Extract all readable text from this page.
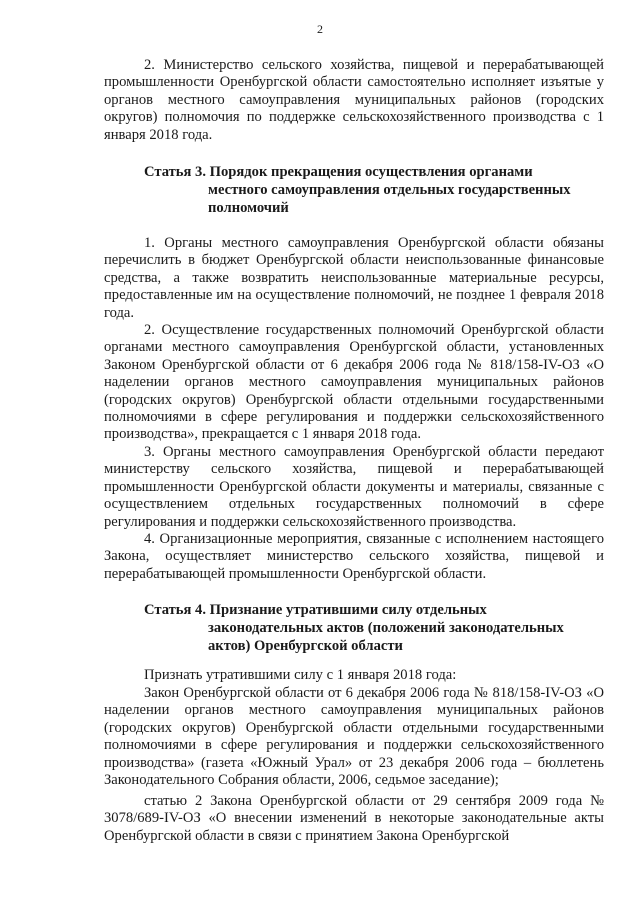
2
2. Министерство сельского хозяйства, пищевой и перерабатывающей промышленности Оренбургской области самостоятельно исполняет изъятые у органов местного самоуправления муниципальных районов (городских округов) полномочия по поддержке сельскохозяйственного производства с 1 января 2018 года.
Статья 3. Порядок прекращения осуществления органами
местного самоуправления отдельных государственных
полномочий
1. Органы местного самоуправления Оренбургской области обязаны перечислить в бюджет Оренбургской области неиспользованные финансовые средства, а также возвратить неиспользованные материальные ресурсы, предоставленные им на осуществление полномочий, не позднее 1 февраля 2018 года.
2. Осуществление государственных полномочий Оренбургской области органами местного самоуправления Оренбургской области, установленных Законом Оренбургской области от 6 декабря 2006 года № 818/158-IV-ОЗ «О наделении органов местного самоуправления муниципальных районов (городских округов) Оренбургской области отдельными государственными полномочиями в сфере регулирования и поддержки сельскохозяйственного производства», прекращается с 1 января 2018 года.
3. Органы местного самоуправления Оренбургской области передают министерству сельского хозяйства, пищевой и перерабатывающей промышленности Оренбургской области документы и материалы, связанные с осуществлением отдельных государственных полномочий в сфере регулирования и поддержки сельскохозяйственного производства.
4. Организационные мероприятия, связанные с исполнением настоящего Закона, осуществляет министерство сельского хозяйства, пищевой и перерабатывающей промышленности Оренбургской области.
Статья 4. Признание утратившими силу отдельных
законодательных актов (положений законодательных
актов) Оренбургской области
Признать утратившими силу с 1 января 2018 года:
Закон Оренбургской области от 6 декабря 2006 года № 818/158-IV-ОЗ «О наделении органов местного самоуправления муниципальных районов (городских округов) Оренбургской области отдельными государственными полномочиями в сфере регулирования и поддержки сельскохозяйственного производства» (газета «Южный Урал» от 23 декабря 2006 года – бюллетень Законодательного Собрания области, 2006, седьмое заседание);
статью 2 Закона Оренбургской области от 29 сентября 2009 года № 3078/689-IV-ОЗ «О внесении изменений в некоторые законодательные акты Оренбургской области в связи с принятием Закона Оренбургской
